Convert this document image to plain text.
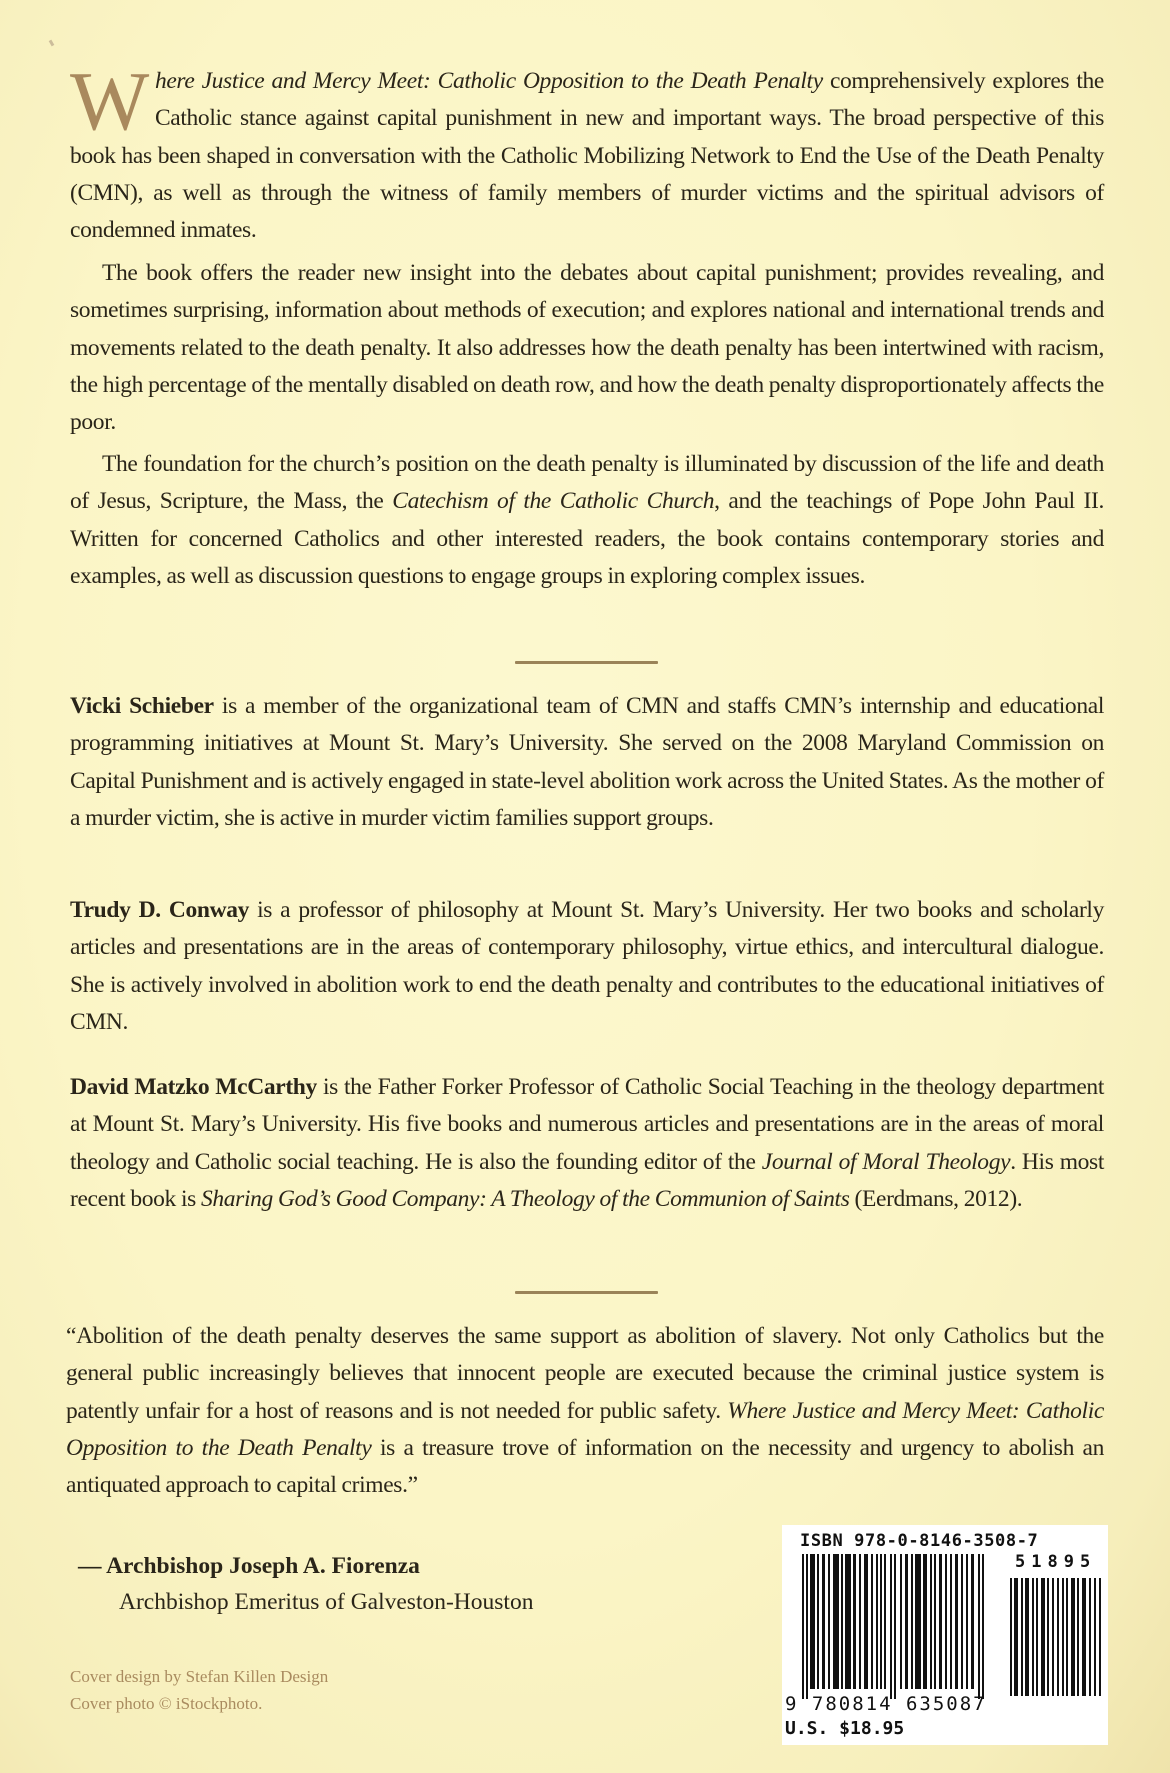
Where Justice and Mercy Meet: Catholic Opposition to the Death Penalty comprehensively explores the Catholic stance against capital punishment in new and important ways. The broad perspective of this book has been shaped in conversation with the Catholic Mobilizing Network to End the Use of the Death Penalty (CMN), as well as through the witness of family members of murder victims and the spiritual advisors of condemned inmates.
The book offers the reader new insight into the debates about capital punishment; provides revealing, and sometimes surprising, information about methods of execution; and explores national and international trends and movements related to the death penalty. It also addresses how the death penalty has been intertwined with racism, the high percentage of the mentally disabled on death row, and how the death penalty disproportionately affects the poor.
The foundation for the church’s position on the death penalty is illuminated by discussion of the life and death of Jesus, Scripture, the Mass, the Catechism of the Catholic Church, and the teachings of Pope John Paul II. Written for concerned Catholics and other interested readers, the book contains contemporary stories and examples, as well as discussion questions to engage groups in exploring complex issues.
Vicki Schieber is a member of the organizational team of CMN and staffs CMN’s internship and educational programming initiatives at Mount St. Mary’s University. She served on the 2008 Maryland Commission on Capital Punishment and is actively engaged in state-level abolition work across the United States. As the mother of a murder victim, she is active in murder victim families support groups.
Trudy D. Conway is a professor of philosophy at Mount St. Mary’s University. Her two books and scholarly articles and presentations are in the areas of contemporary philosophy, virtue ethics, and intercultural dialogue. She is actively involved in abolition work to end the death penalty and contributes to the educational initiatives of CMN.
David Matzko McCarthy is the Father Forker Professor of Catholic Social Teaching in the theology department at Mount St. Mary’s University. His five books and numerous articles and presentations are in the areas of moral theology and Catholic social teaching. He is also the founding editor of the Journal of Moral Theology. His most recent book is Sharing God’s Good Company: A Theology of the Communion of Saints (Eerdmans, 2012).
“Abolition of the death penalty deserves the same support as abolition of slavery. Not only Catholics but the general public increasingly believes that innocent people are executed because the criminal justice system is patently unfair for a host of reasons and is not needed for public safety. Where Justice and Mercy Meet: Catholic Opposition to the Death Penalty is a treasure trove of information on the necessity and urgency to abolish an antiquated approach to capital crimes.”
— Archbishop Joseph A. Fiorenza
Archbishop Emeritus of Galveston-Houston
Cover design by Stefan Killen Design
Cover photo © iStockphoto.
ISBN 978-0-8146-3508-7
51895
9 780814 635087
U.S. $18.95
